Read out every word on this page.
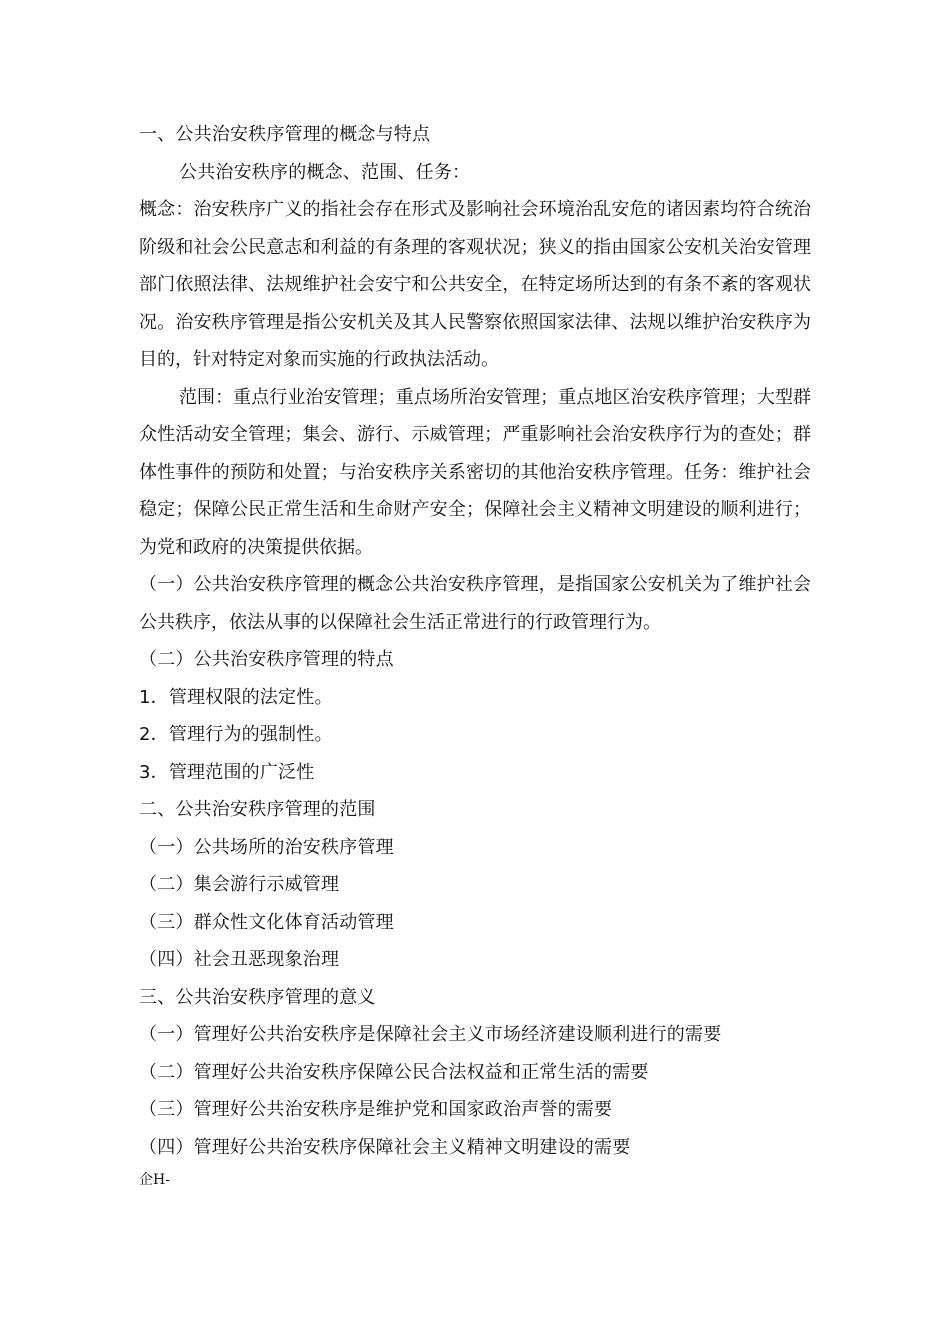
一、公共治安秩序管理的概念与特点
公共治安秩序的概念、范围、任务：
概念：治安秩序广义的指社会存在形式及影响社会环境治乱安危的诸因素均符合统治阶级和社会公民意志和利益的有条理的客观状况；狭义的指由国家公安机关治安管理部门依照法律、法规维护社会安宁和公共安全，在特定场所达到的有条不紊的客观状况。治安秩序管理是指公安机关及其人民警察依照国家法律、法规以维护治安秩序为目的，针对特定对象而实施的行政执法活动。
范围：重点行业治安管理；重点场所治安管理；重点地区治安秩序管理；大型群众性活动安全管理；集会、游行、示威管理；严重影响社会治安秩序行为的查处；群体性事件的预防和处置；与治安秩序关系密切的其他治安秩序管理。任务：维护社会稳定；保障公民正常生活和生命财产安全；保障社会主义精神文明建设的顺利进行；为党和政府的决策提供依据。
（一）公共治安秩序管理的概念公共治安秩序管理，是指国家公安机关为了维护社会公共秩序，依法从事的以保障社会生活正常进行的行政管理行为。
（二）公共治安秩序管理的特点
1．管理权限的法定性。
2．管理行为的强制性。
3．管理范围的广泛性
二、公共治安秩序管理的范围
（一）公共场所的治安秩序管理
（二）集会游行示威管理
（三）群众性文化体育活动管理
（四）社会丑恶现象治理
三、公共治安秩序管理的意义
（一）管理好公共治安秩序是保障社会主义市场经济建设顺利进行的需要
（二）管理好公共治安秩序保障公民合法权益和正常生活的需要
（三）管理好公共治安秩序是维护党和国家政治声誉的需要
（四）管理好公共治安秩序保障社会主义精神文明建设的需要
企H-
